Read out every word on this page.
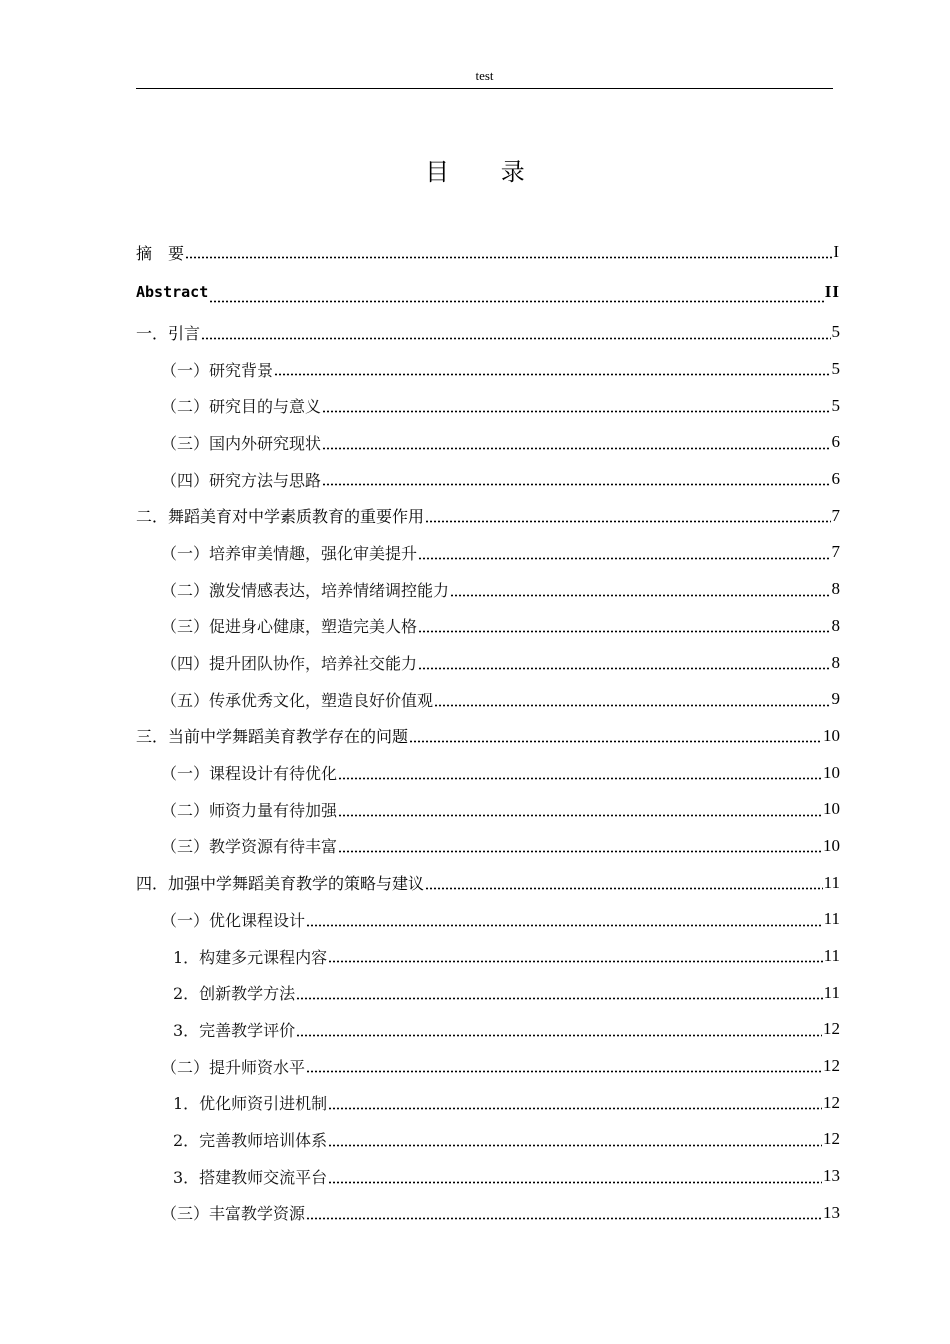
test
目 录
摘　要	I
Abstract	II
一．引言	5
（一）研究背景	5
（二）研究目的与意义	5
（三）国内外研究现状	6
（四）研究方法与思路	6
二．舞蹈美育对中学素质教育的重要作用	7
（一）培养审美情趣，强化审美提升	7
（二）激发情感表达，培养情绪调控能力	8
（三）促进身心健康，塑造完美人格	8
（四）提升团队协作，培养社交能力	8
（五）传承优秀文化，塑造良好价值观	9
三．当前中学舞蹈美育教学存在的问题	10
（一）课程设计有待优化	10
（二）师资力量有待加强	10
（三）教学资源有待丰富	10
四．加强中学舞蹈美育教学的策略与建议	11
（一）优化课程设计	11
1．构建多元课程内容	11
2．创新教学方法	11
3．完善教学评价	12
（二）提升师资水平	12
1．优化师资引进机制	12
2．完善教师培训体系	12
3．搭建教师交流平台	13
（三）丰富教学资源	13
